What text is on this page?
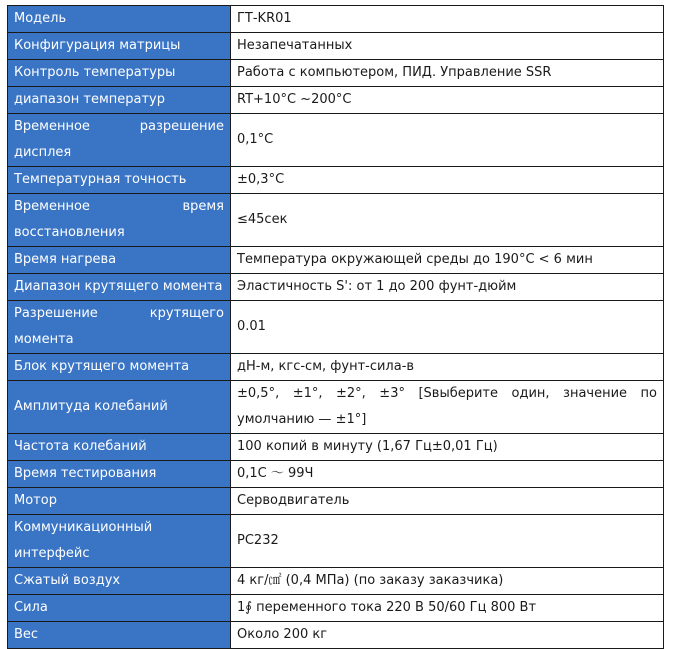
Модель	ГТ-KR01
Конфигурация матрицы	Незапечатанных
Контроль температуры	Работа с компьютером, ПИД. Управление SSR
диапазон температур	RT+10°C ~200°C
Временное разрешение дисплея	0,1°C
Температурная точность	±0,3°C
Временное время восстановления	≤45сек
Время нагрева	Температура окружающей среды до 190°C < 6 мин
Диапазон крутящего момента	Эластичность S': от 1 до 200 фунт-дюйм
Разрешение крутящего момента	0.01
Блок крутящего момента	дН-м, кгс-см, фунт-сила-в
Амплитуда колебаний	±0,5°, ±1°, ±2°, ±3° [Sвыберите один, значение по умолчанию — ±1°]
Частота колебаний	100 копий в минуту (1,67 Гц±0,01 Гц)
Время тестирования	0,1С ～ 99Ч
Мотор	Серводвигатель
Коммуникационный интерфейс	PC232
Сжатый воздух	4 кг/㎠ (0,4 МПа) (по заказу заказчика)
Сила	1∮ переменного тока 220 В 50/60 Гц 800 Вт
Вес	Около 200 кг
